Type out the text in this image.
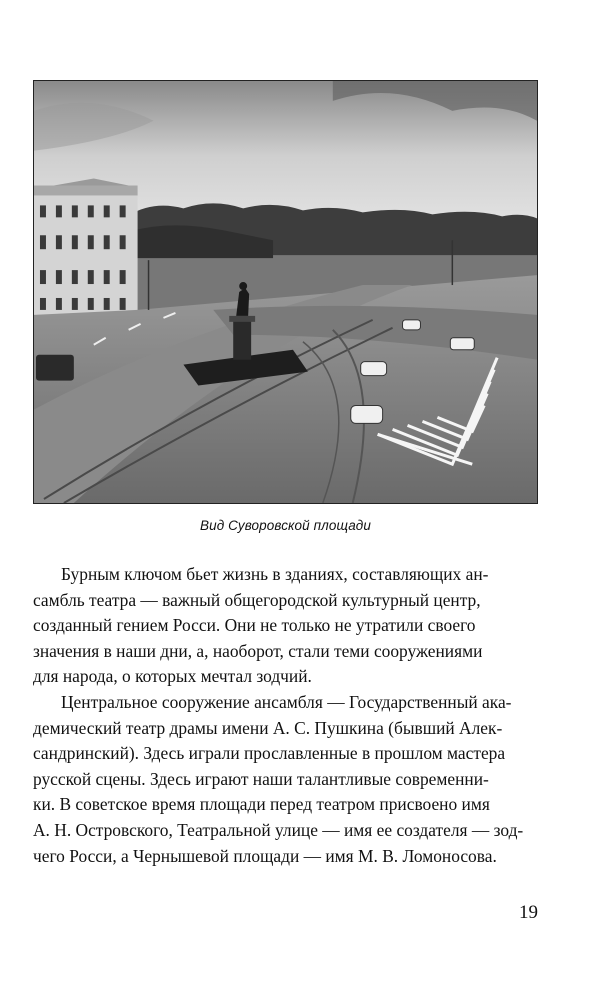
Вид Суворовской площади
Бурным ключом бьет жизнь в зданиях, составляющих ан-
самбль театра — важный общегородской культурный центр,
созданный гением Росси. Они не только не утратили своего
значения в наши дни, а, наоборот, стали теми сооружениями
для народа, о которых мечтал зодчий.
Центральное сооружение ансамбля — Государственный ака-
демический театр драмы имени А. С. Пушкина (бывший Алек-
сандринский). Здесь играли прославленные в прошлом мастера
русской сцены. Здесь играют наши талантливые современни-
ки. В советское время площади перед театром присвоено имя
А. Н. Островского, Театральной улице — имя ее создателя — зод-
чего Росси, а Чернышевой площади — имя М. В. Ломоносова.
19
